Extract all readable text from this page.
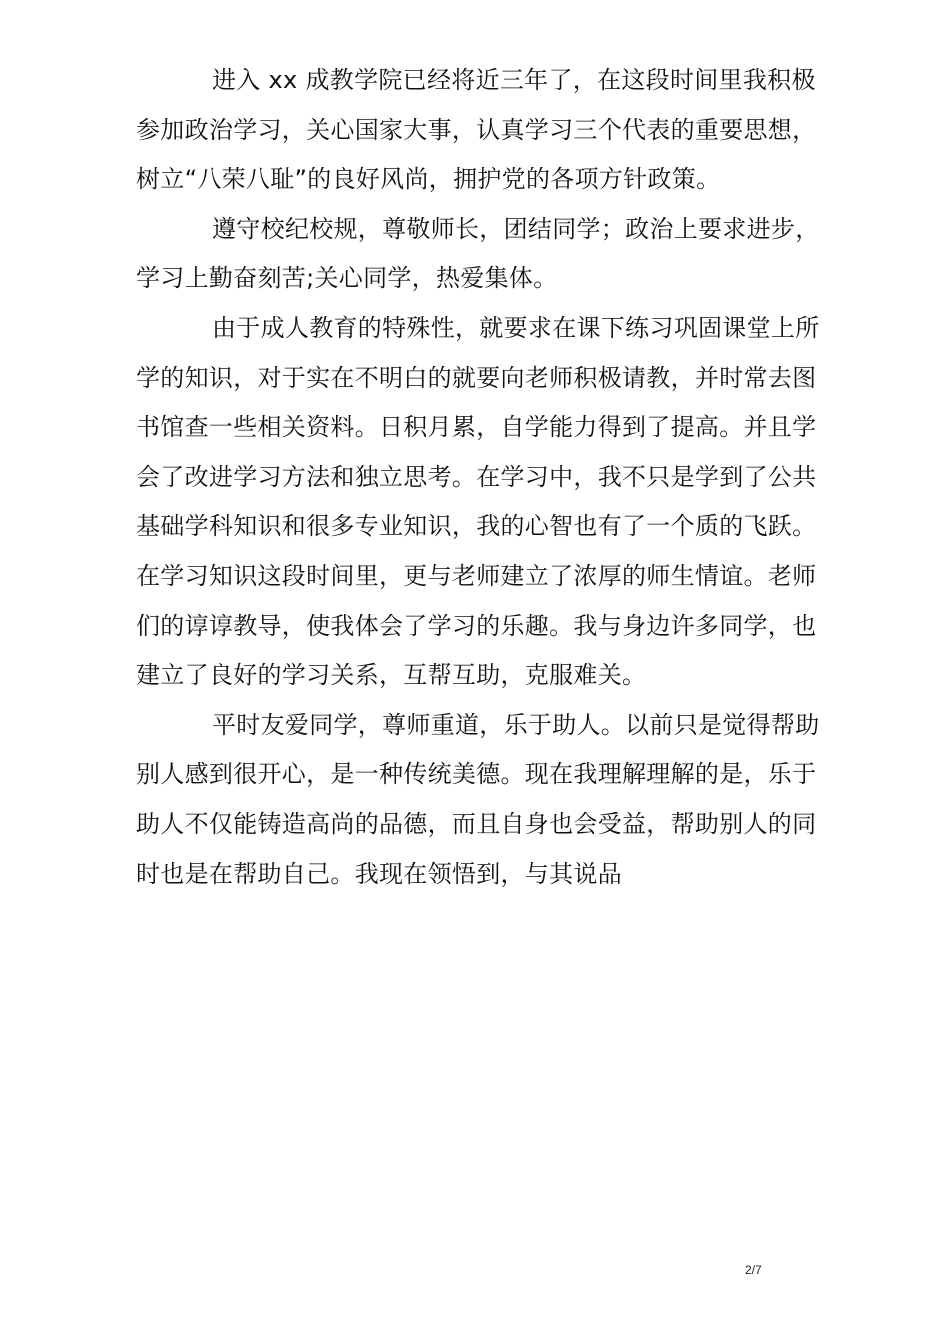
进入 xx 成教学院已经将近三年了，在这段时间里我积极
参加政治学习，关心国家大事，认真学习三个代表的重要思想，
树立“八荣八耻”的良好风尚，拥护党的各项方针政策。
遵守校纪校规，尊敬师长，团结同学；政治上要求进步，
学习上勤奋刻苦;关心同学，热爱集体。
由于成人教育的特殊性，就要求在课下练习巩固课堂上所
学的知识，对于实在不明白的就要向老师积极请教，并时常去图
书馆查一些相关资料。日积月累，自学能力得到了提高。并且学
会了改进学习方法和独立思考。在学习中，我不只是学到了公共
基础学科知识和很多专业知识，我的心智也有了一个质的飞跃。
在学习知识这段时间里，更与老师建立了浓厚的师生情谊。老师
们的谆谆教导，使我体会了学习的乐趣。我与身边许多同学，也
建立了良好的学习关系，互帮互助，克服难关。
平时友爱同学，尊师重道，乐于助人。以前只是觉得帮助
别人感到很开心，是一种传统美德。现在我理解理解的是，乐于
助人不仅能铸造高尚的品德，而且自身也会受益，帮助别人的同
时也是在帮助自己。我现在领悟到，与其说品
2/7
